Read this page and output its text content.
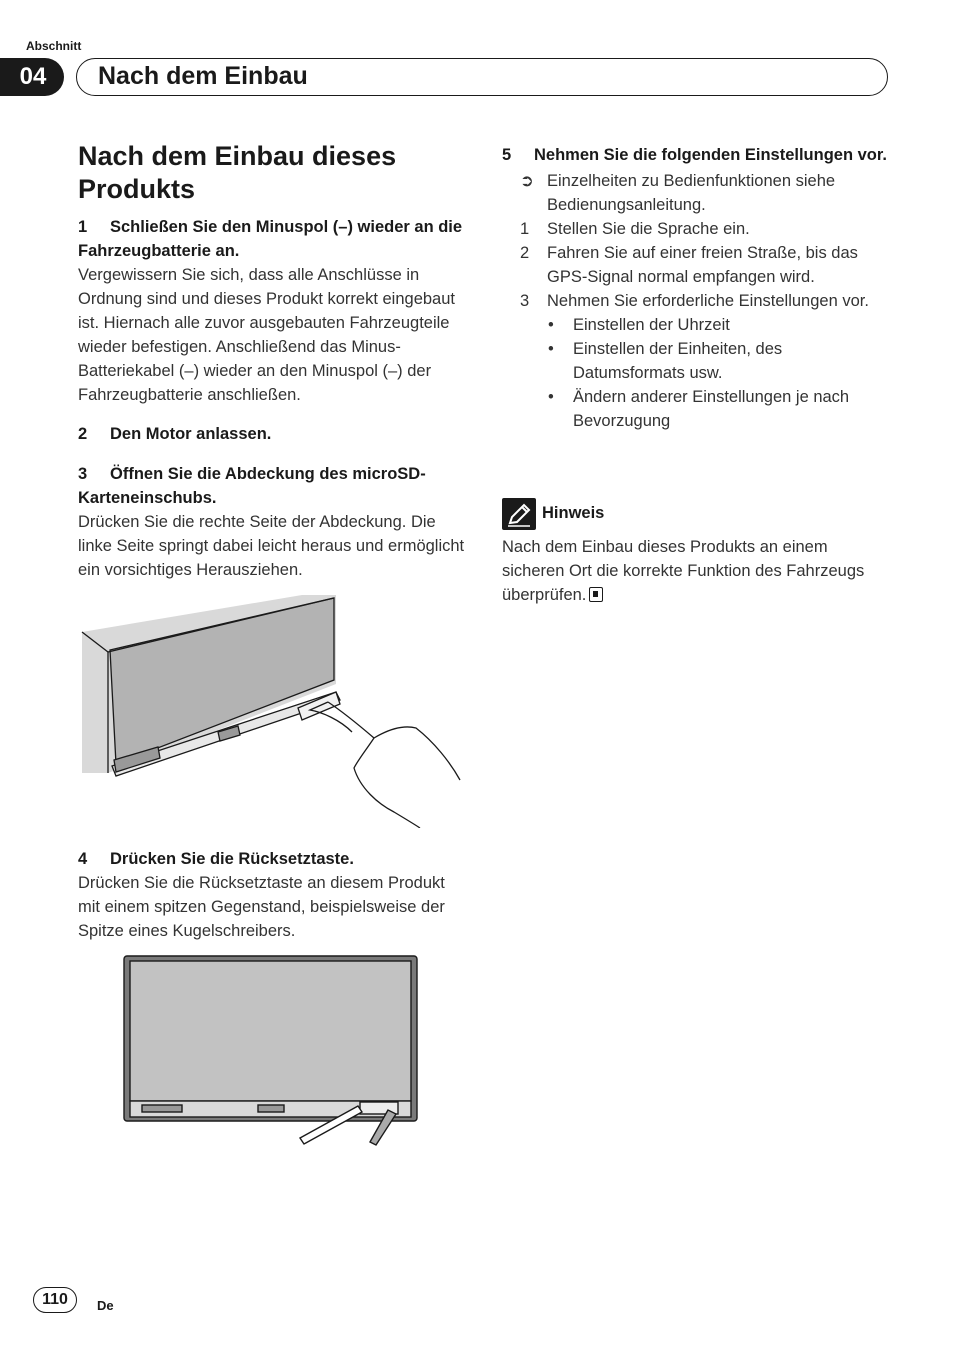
Abschnitt
04	Nach dem Einbau
Nach dem Einbau dieses Produkts
1 Schließen Sie den Minuspol (–) wieder an die Fahrzeugbatterie an.
Vergewissern Sie sich, dass alle Anschlüsse in Ordnung sind und dieses Produkt korrekt eingebaut ist. Hiernach alle zuvor ausgebauten Fahrzeugteile wieder befestigen. Anschließend das Minus-Batteriekabel (–) wieder an den Minuspol (–) der Fahrzeugbatterie anschließen.
2 Den Motor anlassen.
3 Öffnen Sie die Abdeckung des microSD-Karteneinschubs.
Drücken Sie die rechte Seite der Abdeckung. Die linke Seite springt dabei leicht heraus und ermöglicht ein vorsichtiges Herausziehen.
4 Drücken Sie die Rücksetztaste.
Drücken Sie die Rücksetztaste an diesem Produkt mit einem spitzen Gegenstand, beispielsweise der Spitze eines Kugelschreibers.
5 Nehmen Sie die folgenden Einstellungen vor.
➲ Einzelheiten zu Bedienfunktionen siehe Bedienungsanleitung.
1 Stellen Sie die Sprache ein.
2 Fahren Sie auf einer freien Straße, bis das GPS-Signal normal empfangen wird.
3 Nehmen Sie erforderliche Einstellungen vor.
• Einstellen der Uhrzeit
• Einstellen der Einheiten, des Datumsformats usw.
• Ändern anderer Einstellungen je nach Bevorzugung
Hinweis
Nach dem Einbau dieses Produkts an einem sicheren Ort die korrekte Funktion des Fahrzeugs überprüfen.
110	De
